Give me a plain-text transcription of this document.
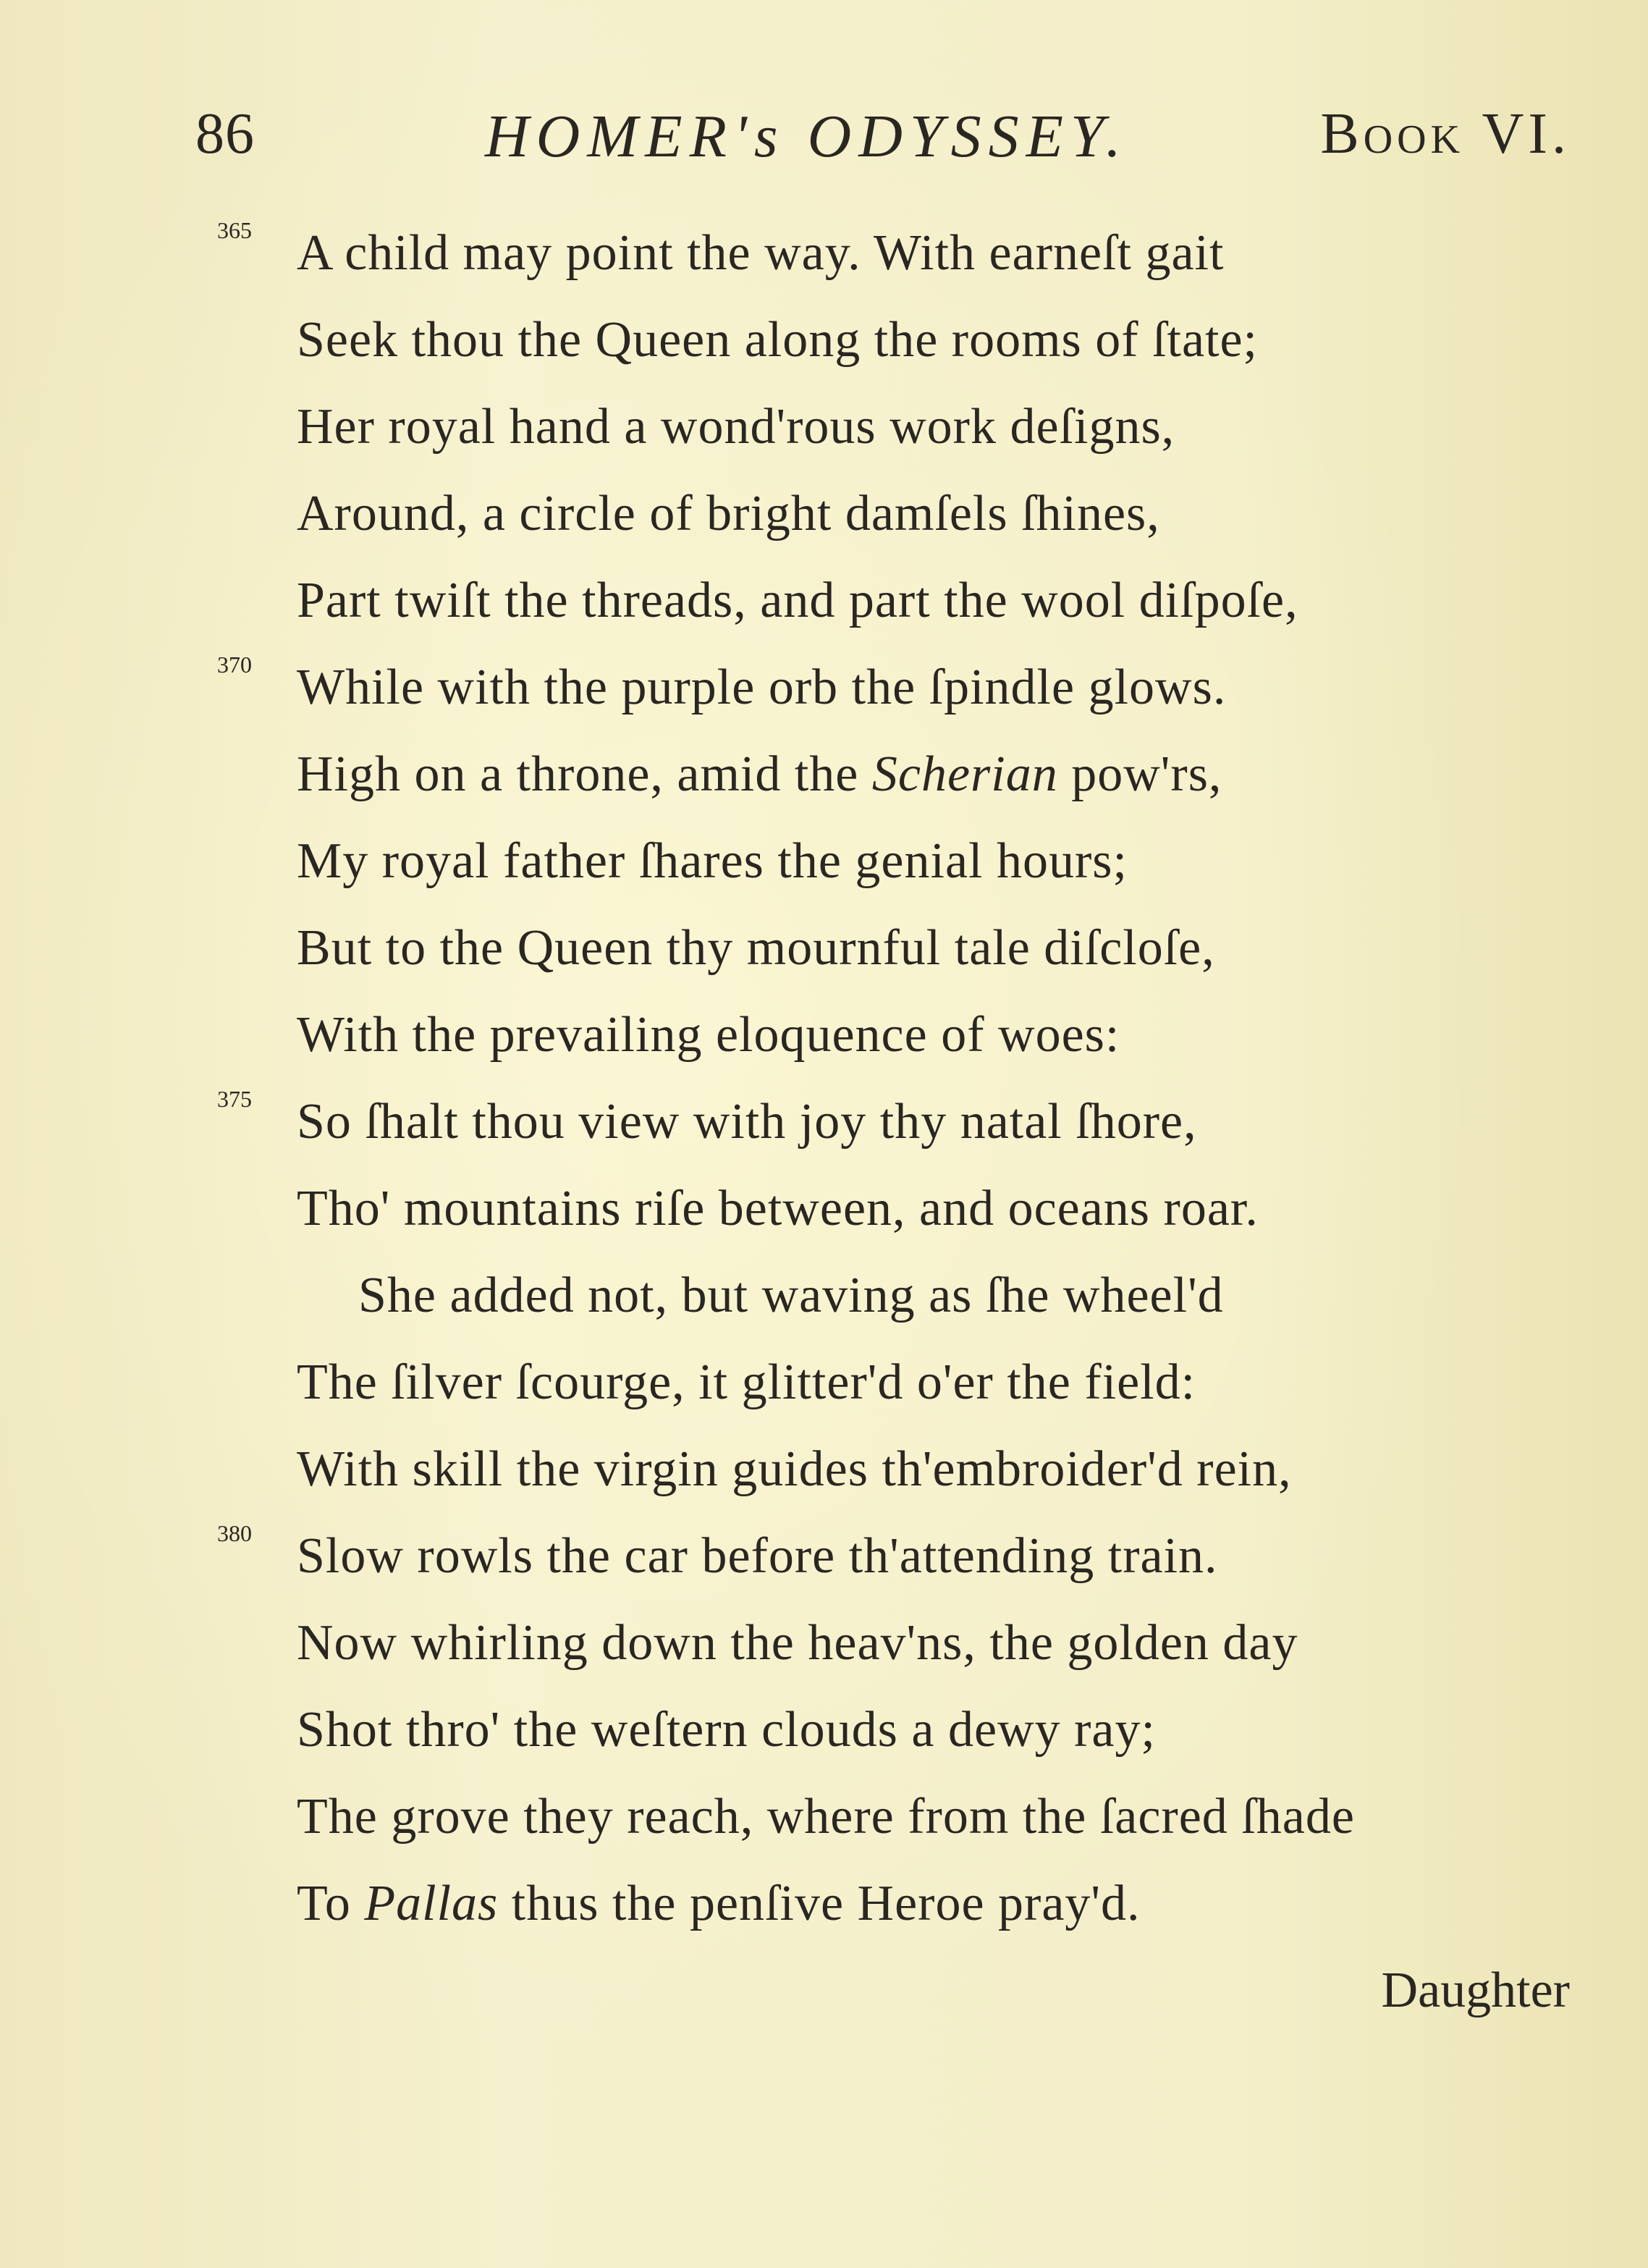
86	HOMER's ODYSSEY.	Book VI.
365 A child may point the way. With earneſt gait
Seek thou the Queen along the rooms of ſtate;
Her royal hand a wond'rous work deſigns,
Around, a circle of bright damſels ſhines,
Part twiſt the threads, and part the wool diſpoſe,
370 While with the purple orb the ſpindle glows.
High on a throne, amid the Scherian pow'rs,
My royal father ſhares the genial hours;
But to the Queen thy mournful tale diſcloſe,
With the prevailing eloquence of woes:
375 So ſhalt thou view with joy thy natal ſhore,
Tho' mountains riſe between, and oceans roar.
She added not, but waving as ſhe wheel'd
The ſilver ſcourge, it glitter'd o'er the field:
With skill the virgin guides th'embroider'd rein,
380 Slow rowls the car before th'attending train.
Now whirling down the heav'ns, the golden day
Shot thro' the weſtern clouds a dewy ray;
The grove they reach, where from the ſacred ſhade
To Pallas thus the penſive Heroe pray'd.
Daughter
